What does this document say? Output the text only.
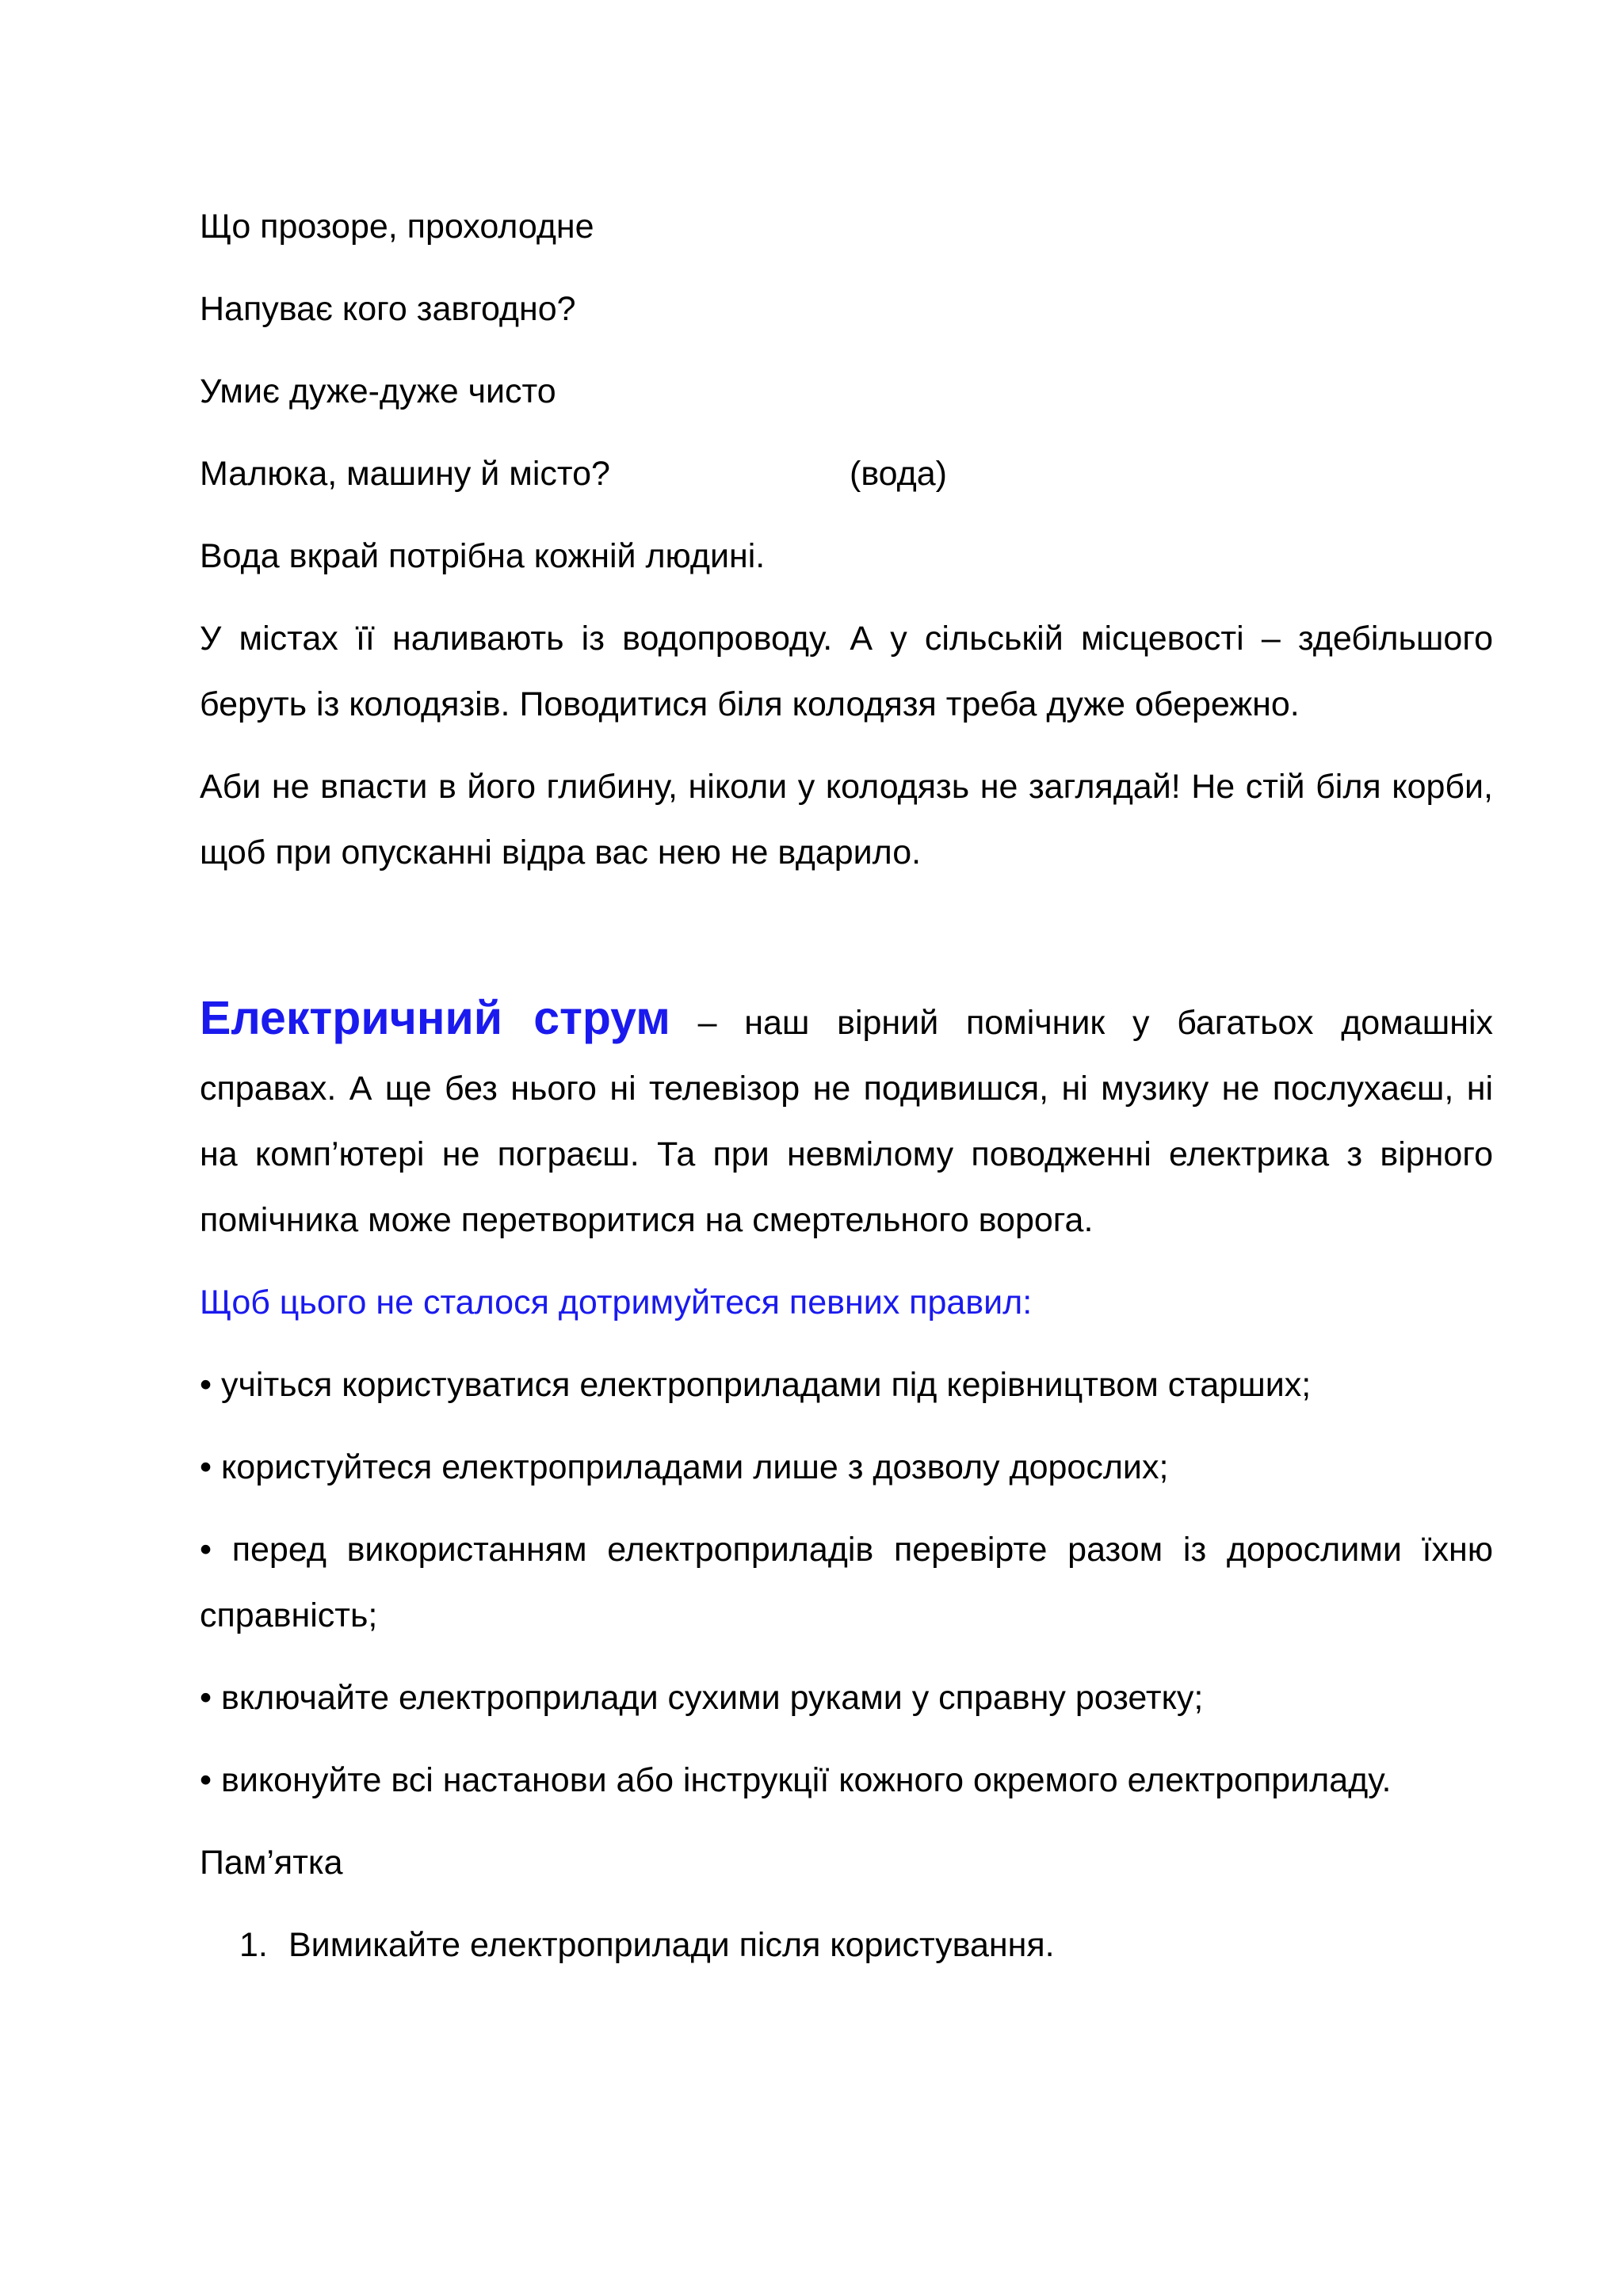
Що прозоре, прохолодне
Напуває кого завгодно?
Умиє дуже-дуже чисто
Малюка, машину й місто?	(вода)
Вода вкрай потрібна кожній людині.
У містах її наливають із водопроводу. А у сільській місцевості – здебільшого беруть із колодязів. Поводитися біля колодязя треба дуже обережно.
Аби не впасти в його глибину, ніколи у колодязь не заглядай! Не стій біля корби, щоб при опусканні відра вас нею не вдарило.
Електричний струм – наш вірний помічник у багатьох домашніх справах. А ще без нього ні телевізор не подивишся, ні музику не послухаєш, ні на комп’ютері не пограєш. Та при невмілому поводженні електрика з вірного помічника може перетворитися на смертельного ворога.
Щоб цього не сталося дотримуйтеся певних правил:
• учіться користуватися електроприладами під керівництвом старших;
• користуйтеся електроприладами лише з дозволу дорослих;
• перед використанням електроприладів перевірте разом із дорослими їхню справність;
• включайте електроприлади сухими руками у справну розетку;
• виконуйте всі настанови або інструкції кожного окремого електроприладу.
Пам’ятка
1. Вимикайте електроприлади після користування.
